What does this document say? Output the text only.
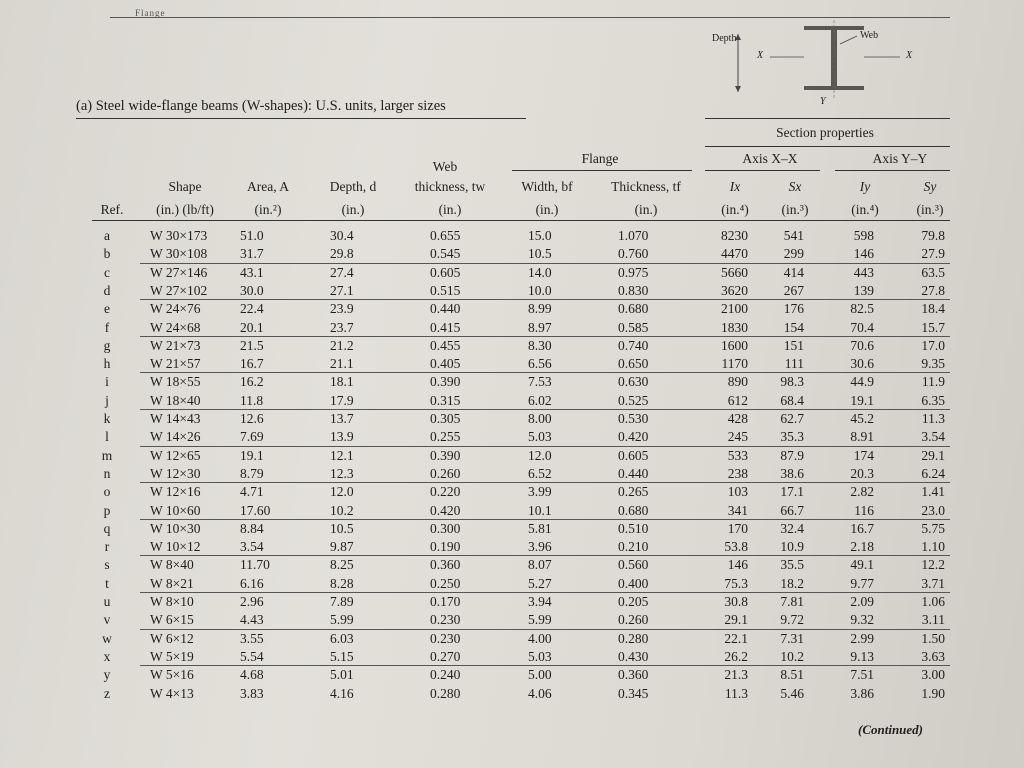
Flange
Depth	Web
X	X
Y
(a) Steel wide-flange beams (W-shapes): U.S. units, larger sizes
Section properties
Flange	Axis X–X	Axis Y–Y
Web
Shape	Area, A	Depth, d	thickness, tw	Width, bf	Thickness, tf	Ix	Sx	Iy	Sy
Ref.	(in.) (lb/ft)	(in.²)	(in.)	(in.)	(in.)	(in.)	(in.⁴)	(in.³)	(in.⁴)	(in.³)
a	W 30×173	51.0	30.4	0.655	15.0	1.070	8230	541	598	79.8
b	W 30×108	31.7	29.8	0.545	10.5	0.760	4470	299	146	27.9
c	W 27×146	43.1	27.4	0.605	14.0	0.975	5660	414	443	63.5
d	W 27×102	30.0	27.1	0.515	10.0	0.830	3620	267	139	27.8
e	W 24×76	22.4	23.9	0.440	8.99	0.680	2100	176	82.5	18.4
f	W 24×68	20.1	23.7	0.415	8.97	0.585	1830	154	70.4	15.7
g	W 21×73	21.5	21.2	0.455	8.30	0.740	1600	151	70.6	17.0
h	W 21×57	16.7	21.1	0.405	6.56	0.650	1170	111	30.6	9.35
i	W 18×55	16.2	18.1	0.390	7.53	0.630	890	98.3	44.9	11.9
j	W 18×40	11.8	17.9	0.315	6.02	0.525	612	68.4	19.1	6.35
k	W 14×43	12.6	13.7	0.305	8.00	0.530	428	62.7	45.2	11.3
l	W 14×26	7.69	13.9	0.255	5.03	0.420	245	35.3	8.91	3.54
m	W 12×65	19.1	12.1	0.390	12.0	0.605	533	87.9	174	29.1
n	W 12×30	8.79	12.3	0.260	6.52	0.440	238	38.6	20.3	6.24
o	W 12×16	4.71	12.0	0.220	3.99	0.265	103	17.1	2.82	1.41
p	W 10×60	17.60	10.2	0.420	10.1	0.680	341	66.7	116	23.0
q	W 10×30	8.84	10.5	0.300	5.81	0.510	170	32.4	16.7	5.75
r	W 10×12	3.54	9.87	0.190	3.96	0.210	53.8	10.9	2.18	1.10
s	W 8×40	11.70	8.25	0.360	8.07	0.560	146	35.5	49.1	12.2
t	W 8×21	6.16	8.28	0.250	5.27	0.400	75.3	18.2	9.77	3.71
u	W 8×10	2.96	7.89	0.170	3.94	0.205	30.8	7.81	2.09	1.06
v	W 6×15	4.43	5.99	0.230	5.99	0.260	29.1	9.72	9.32	3.11
w	W 6×12	3.55	6.03	0.230	4.00	0.280	22.1	7.31	2.99	1.50
x	W 5×19	5.54	5.15	0.270	5.03	0.430	26.2	10.2	9.13	3.63
y	W 5×16	4.68	5.01	0.240	5.00	0.360	21.3	8.51	7.51	3.00
z	W 4×13	3.83	4.16	0.280	4.06	0.345	11.3	5.46	3.86	1.90
(Continued)
